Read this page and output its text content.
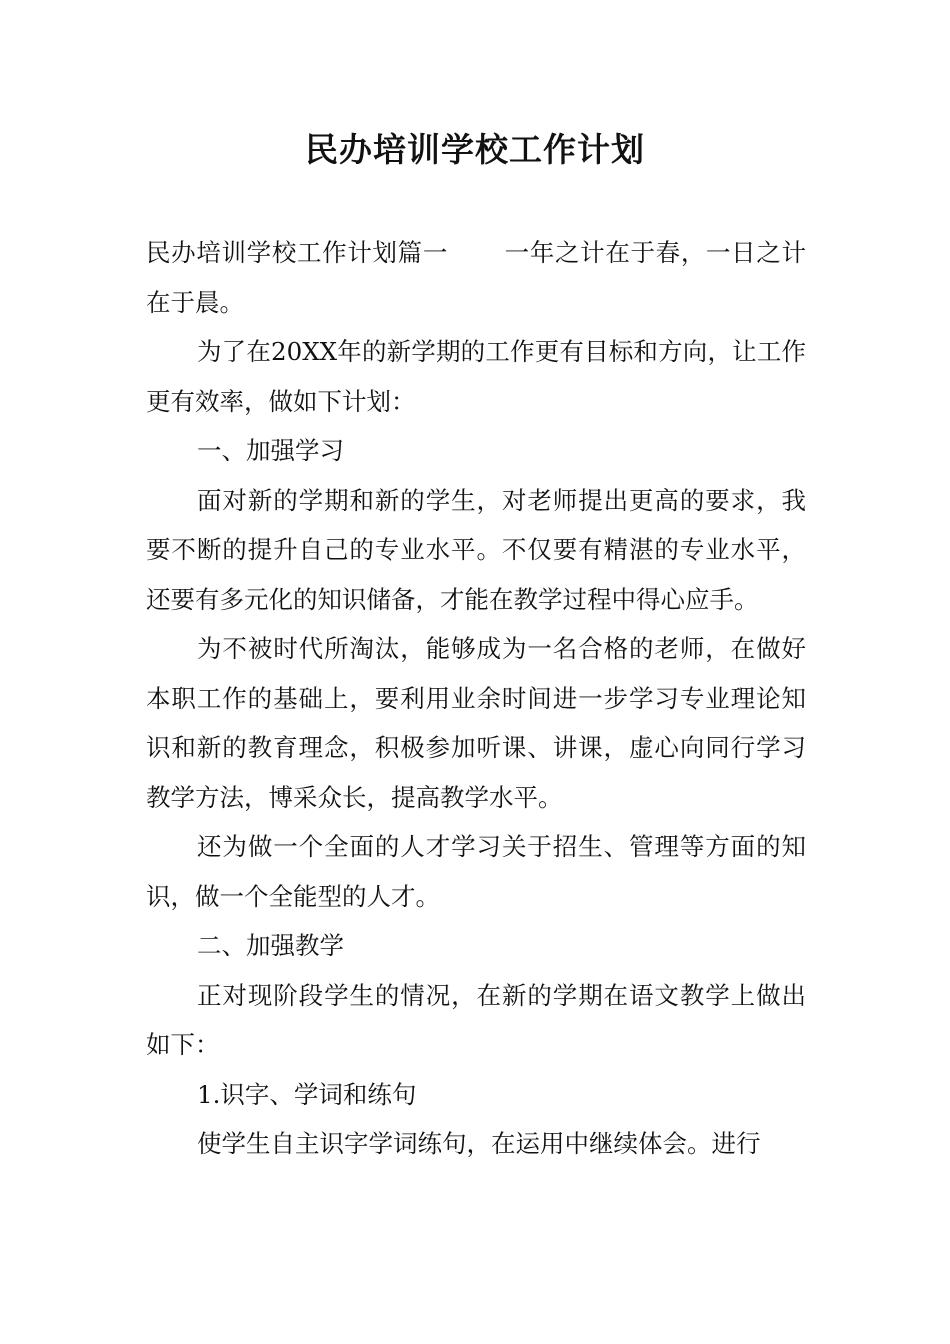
民办培训学校工作计划

民办培训学校工作计划篇一 一年之计在于春，一日之计在于晨。

为了在20XX年的新学期的工作更有目标和方向，让工作更有效率，做如下计划：

一、加强学习

面对新的学期和新的学生，对老师提出更高的要求，我要不断的提升自己的专业水平。不仅要有精湛的专业水平，还要有多元化的知识储备，才能在教学过程中得心应手。

为不被时代所淘汰，能够成为一名合格的老师，在做好本职工作的基础上，要利用业余时间进一步学习专业理论知识和新的教育理念，积极参加听课、讲课，虚心向同行学习教学方法，博采众长，提高教学水平。

还为做一个全面的人才学习关于招生、管理等方面的知识，做一个全能型的人才。

二、加强教学

正对现阶段学生的情况，在新的学期在语文教学上做出如下：

1.识字、学词和练句

使学生自主识字学词练句，在运用中继续体会。进行
